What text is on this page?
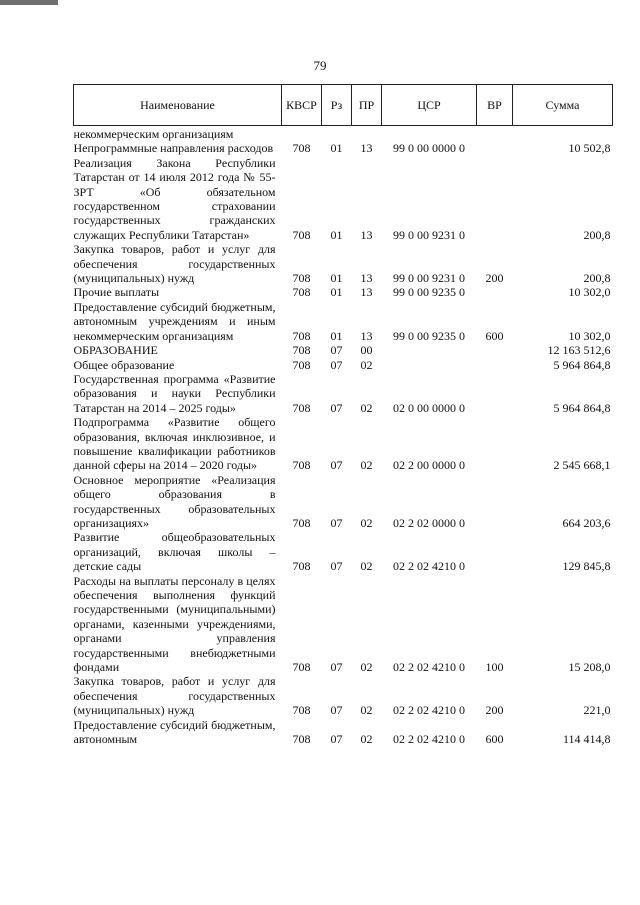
79
Наименование	КВСР	Рз	ПР	ЦСР	ВР	Сумма
некоммерческим организациям						
Непрограммные направления расходов	708	01	13	99 0 00 0000 0		10 502,8
Реализация Закона Республики Татарстан от 14 июля 2012 года № 55-ЗРТ «Об обязательном государственном страховании государственных гражданских служащих Республики Татарстан»	708	01	13	99 0 00 9231 0		200,8
Закупка товаров, работ и услуг для обеспечения государственных (муниципальных) нужд	708	01	13	99 0 00 9231 0	200	200,8
Прочие выплаты	708	01	13	99 0 00 9235 0		10 302,0
Предоставление субсидий бюджетным, автономным учреждениям и иным некоммерческим организациям	708	01	13	99 0 00 9235 0	600	10 302,0
ОБРАЗОВАНИЕ	708	07	00			12 163 512,6
Общее образование	708	07	02			5 964 864,8
Государственная программа «Развитие образования и науки Республики Татарстан на 2014 – 2025 годы»	708	07	02	02 0 00 0000 0		5 964 864,8
Подпрограмма «Развитие общего образования, включая инклюзивное, и повышение квалификации работников данной сферы на 2014 – 2020 годы»	708	07	02	02 2 00 0000 0		2 545 668,1
Основное мероприятие «Реализация общего образования в государственных образовательных организациях»	708	07	02	02 2 02 0000 0		664 203,6
Развитие общеобразовательных организаций, включая школы – детские сады	708	07	02	02 2 02 4210 0		129 845,8
Расходы на выплаты персоналу в целях обеспечения выполнения функций государственными (муниципальными) органами, казенными учреждениями, органами управления государственными внебюджетными фондами	708	07	02	02 2 02 4210 0	100	15 208,0
Закупка товаров, работ и услуг для обеспечения государственных (муниципальных) нужд	708	07	02	02 2 02 4210 0	200	221,0
Предоставление субсидий бюджетным, автономным	708	07	02	02 2 02 4210 0	600	114 414,8
